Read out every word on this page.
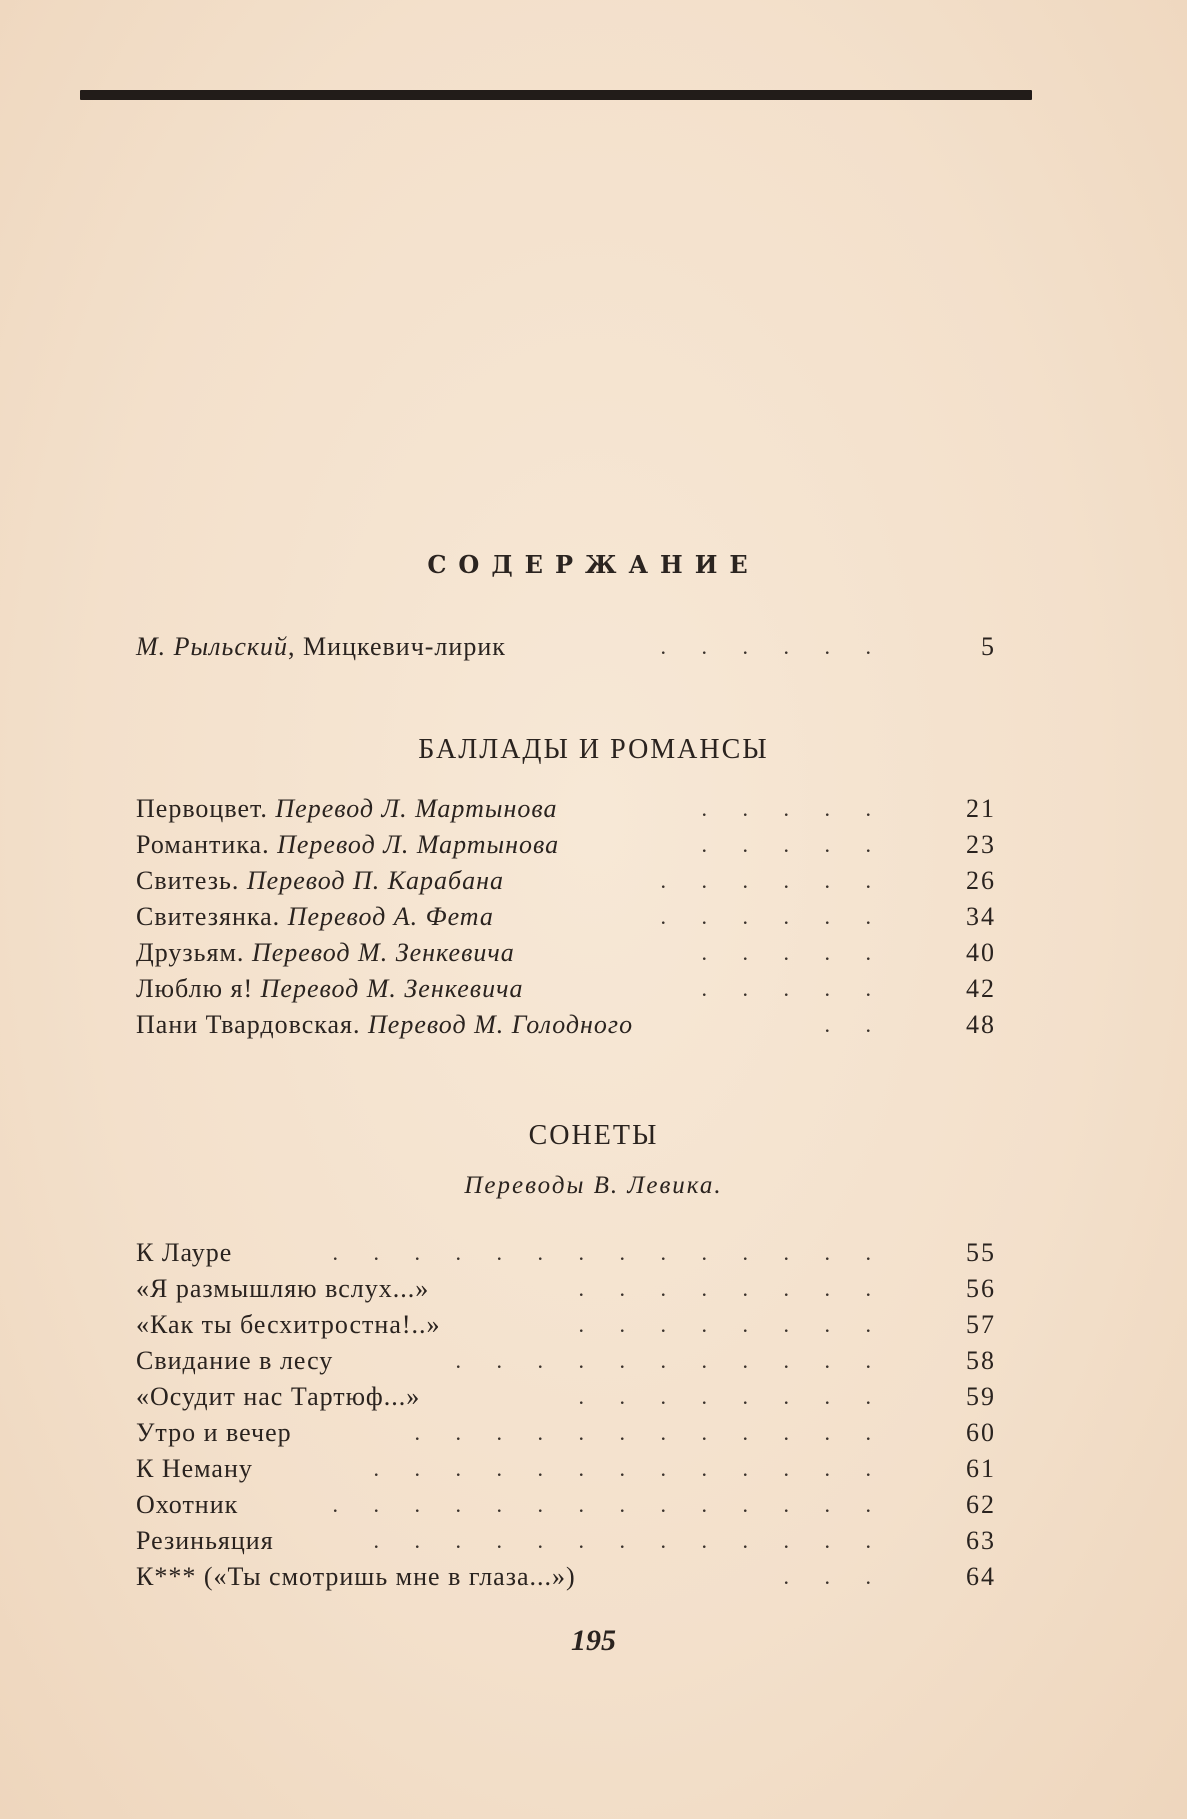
СОДЕРЖАНИЕ
М. Рыльский, Мицкевич-лирик	. . . . . .	5
БАЛЛАДЫ И РОМАНСЫ
Первоцвет. Перевод Л. Мартынова	. . . . .	21
Романтика. Перевод Л. Мартынова	. . . . .	23
Свитезь. Перевод П. Карабана	. . . . . .	26
Свитезянка. Перевод А. Фета	. . . . . .	34
Друзьям. Перевод М. Зенкевича	. . . . .	40
Люблю я! Перевод М. Зенкевича	. . . . .	42
Пани Твардовская. Перевод М. Голодного	. .	48
СОНЕТЫ
Переводы В. Левика.
К Лауре	. . . . . . . . . . . . . .	55
«Я размышляю вслух...»	. . . . . . . .	56
«Как ты бесхитростна!..»	. . . . . . . .	57
Свидание в лесу	. . . . . . . . . . .	58
«Осудит нас Тартюф...»	. . . . . . . .	59
Утро и вечер	. . . . . . . . . . . .	60
К Неману	. . . . . . . . . . . . .	61
Охотник	. . . . . . . . . . . . . .	62
Резиньяция	. . . . . . . . . . . . .	63
К*** («Ты смотришь мне в глаза...»)	. . .	64
195
